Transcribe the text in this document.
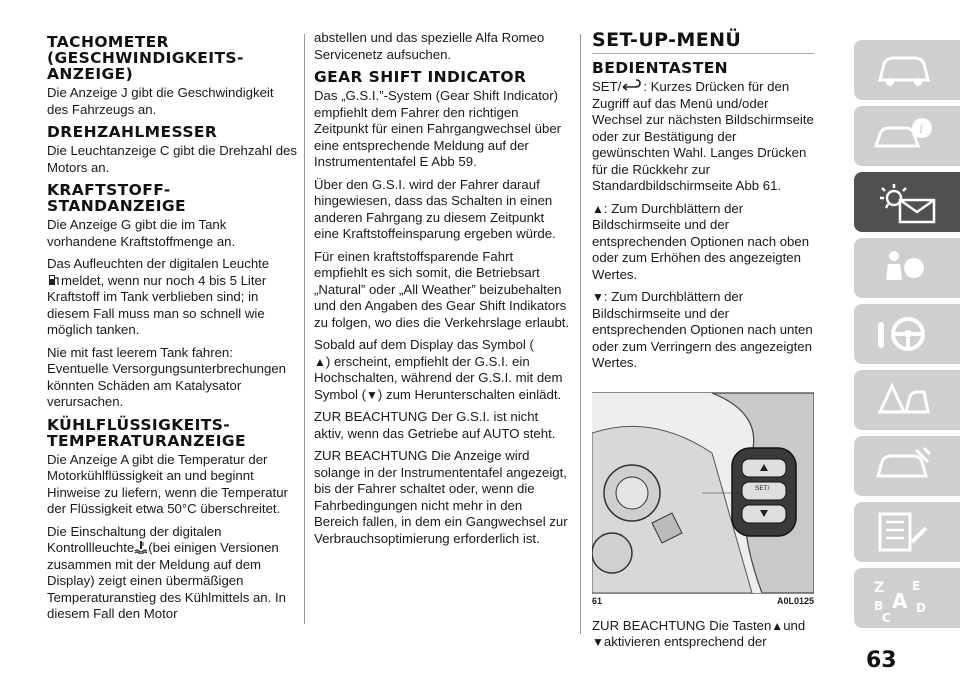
TACHOMETER (GESCHWINDIGKEITS-ANZEIGE)

Die Anzeige J gibt die Geschwindigkeit des Fahrzeugs an.

DREHZAHLMESSER

Die Leuchtanzeige C gibt die Drehzahl des Motors an.

KRAFTSTOFF-STANDANZEIGE

Die Anzeige G gibt die im Tank vorhandene Kraftstoffmenge an.

Das Aufleuchten der digitalen Leuchte
meldet, wenn nur noch 4 bis 5 Liter Kraftstoff im Tank verblieben sind; in diesem Fall muss man so schnell wie möglich tanken.

Nie mit fast leerem Tank fahren: Eventuelle Versorgungsunterbrechungen könnten Schäden am Katalysator verursachen.

KÜHLFLÜSSIGKEITS-TEMPERATURANZEIGE

Die Anzeige A gibt die Temperatur der Motorkühlflüssigkeit an und beginnt Hinweise zu liefern, wenn die Temperatur der Flüssigkeit etwa 50°C überschreitet.

Die Einschaltung der digitalen Kontrollleuchte (bei einigen Versionen zusammen mit der Meldung auf dem Display) zeigt einen übermäßigen Temperaturanstieg des Kühlmittels an. In diesem Fall den Motor

abstellen und das spezielle Alfa Romeo Servicenetz aufsuchen.

GEAR SHIFT INDICATOR

Das „G.S.I.”-System (Gear Shift Indicator) empfiehlt dem Fahrer den richtigen Zeitpunkt für einen Fahrgangwechsel über eine entsprechende Meldung auf der Instrumententafel E Abb 59.

Über den G.S.I. wird der Fahrer darauf hingewiesen, dass das Schalten in einen anderen Fahrgang zu diesem Zeitpunkt eine Kraftstoffeinsparung ergeben würde.

Für einen kraftstoffsparende Fahrt empfiehlt es sich somit, die Betriebsart „Natural” oder „All Weather” beizubehalten und den Angaben des Gear Shift Indikators zu folgen, wo dies die Verkehrslage erlaubt.

Sobald auf dem Display das Symbol (
▲) erscheint, empfiehlt der G.S.I. ein Hochschalten, während der G.S.I. mit dem Symbol (▼) zum Herunterschalten einlädt.

ZUR BEACHTUNG Der G.S.I. ist nicht aktiv, wenn das Getriebe auf AUTO steht.

ZUR BEACHTUNG Die Anzeige wird solange in der Instrumententafel angezeigt, bis der Fahrer schaltet oder, wenn die Fahrbedingungen nicht mehr in den Bereich fallen, in dem ein Gangwechsel zur Verbrauchsoptimierung erforderlich ist.

SET-UP-MENÜ
BEDIENTASTEN

SET/ : Kurzes Drücken für den Zugriff auf das Menü und/oder Wechsel zur nächsten Bildschirmseite oder zur Bestätigung der gewünschten Wahl. Langes Drücken für die Rückkehr zur Standardbildschirmseite Abb 61.

▲: Zum Durchblättern der Bildschirmseite und der entsprechenden Optionen nach oben oder zum Erhöhen des angezeigten Wertes.

▼: Zum Durchblättern der Bildschirmseite und der entsprechenden Optionen nach unten oder zum Verringern des angezeigten Wertes.

SET/
61	A0L0125

ZUR BEACHTUNG Die Tasten▲und
▼aktivieren entsprechend der

i
Z E
B A D
C
63
